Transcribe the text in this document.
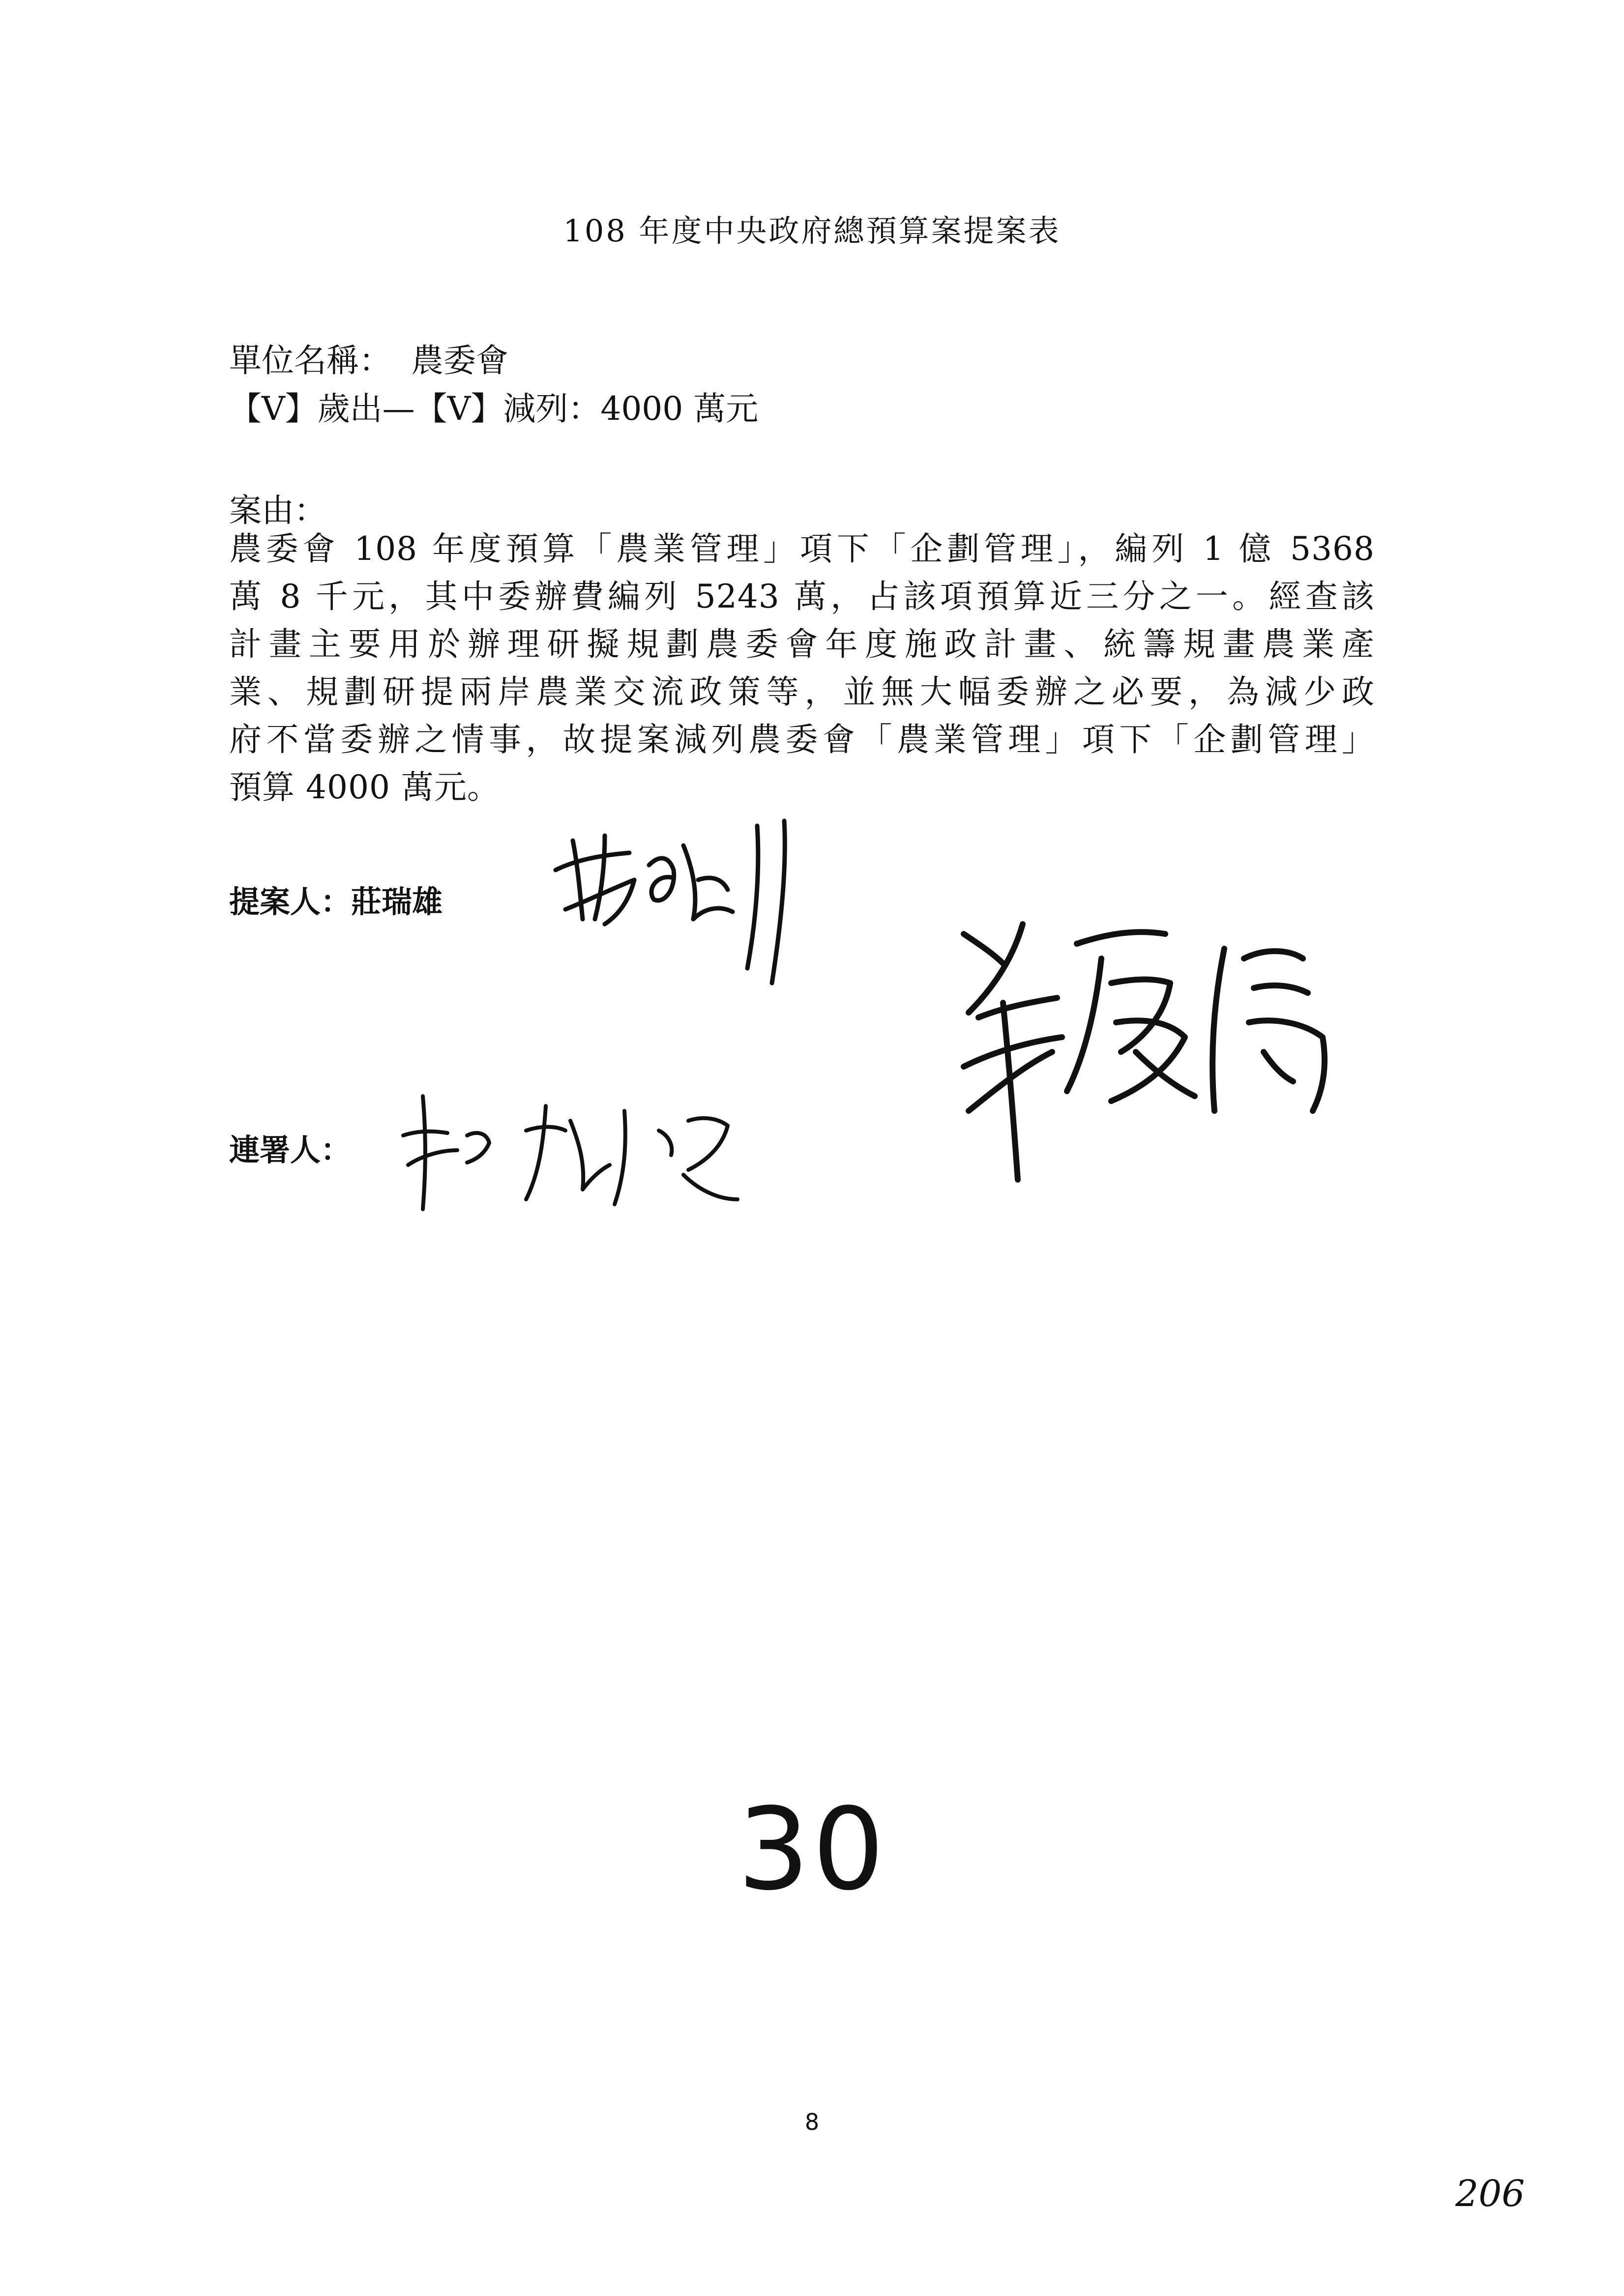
108 年度中央政府總預算案提案表
單位名稱： 農委會
【V】歲出—【V】減列：4000 萬元
案由：
農委會 108 年度預算「農業管理」項下「企劃管理」，編列 1 億 5368
萬 8 千元，其中委辦費編列 5243 萬，占該項預算近三分之一。經查該
計畫主要用於辦理研擬規劃農委會年度施政計畫、統籌規畫農業產
業、規劃研提兩岸農業交流政策等，並無大幅委辦之必要，為減少政
府不當委辦之情事，故提案減列農委會「農業管理」項下「企劃管理」
預算 4000 萬元。
提案人：莊瑞雄
連署人：
30
8
206
